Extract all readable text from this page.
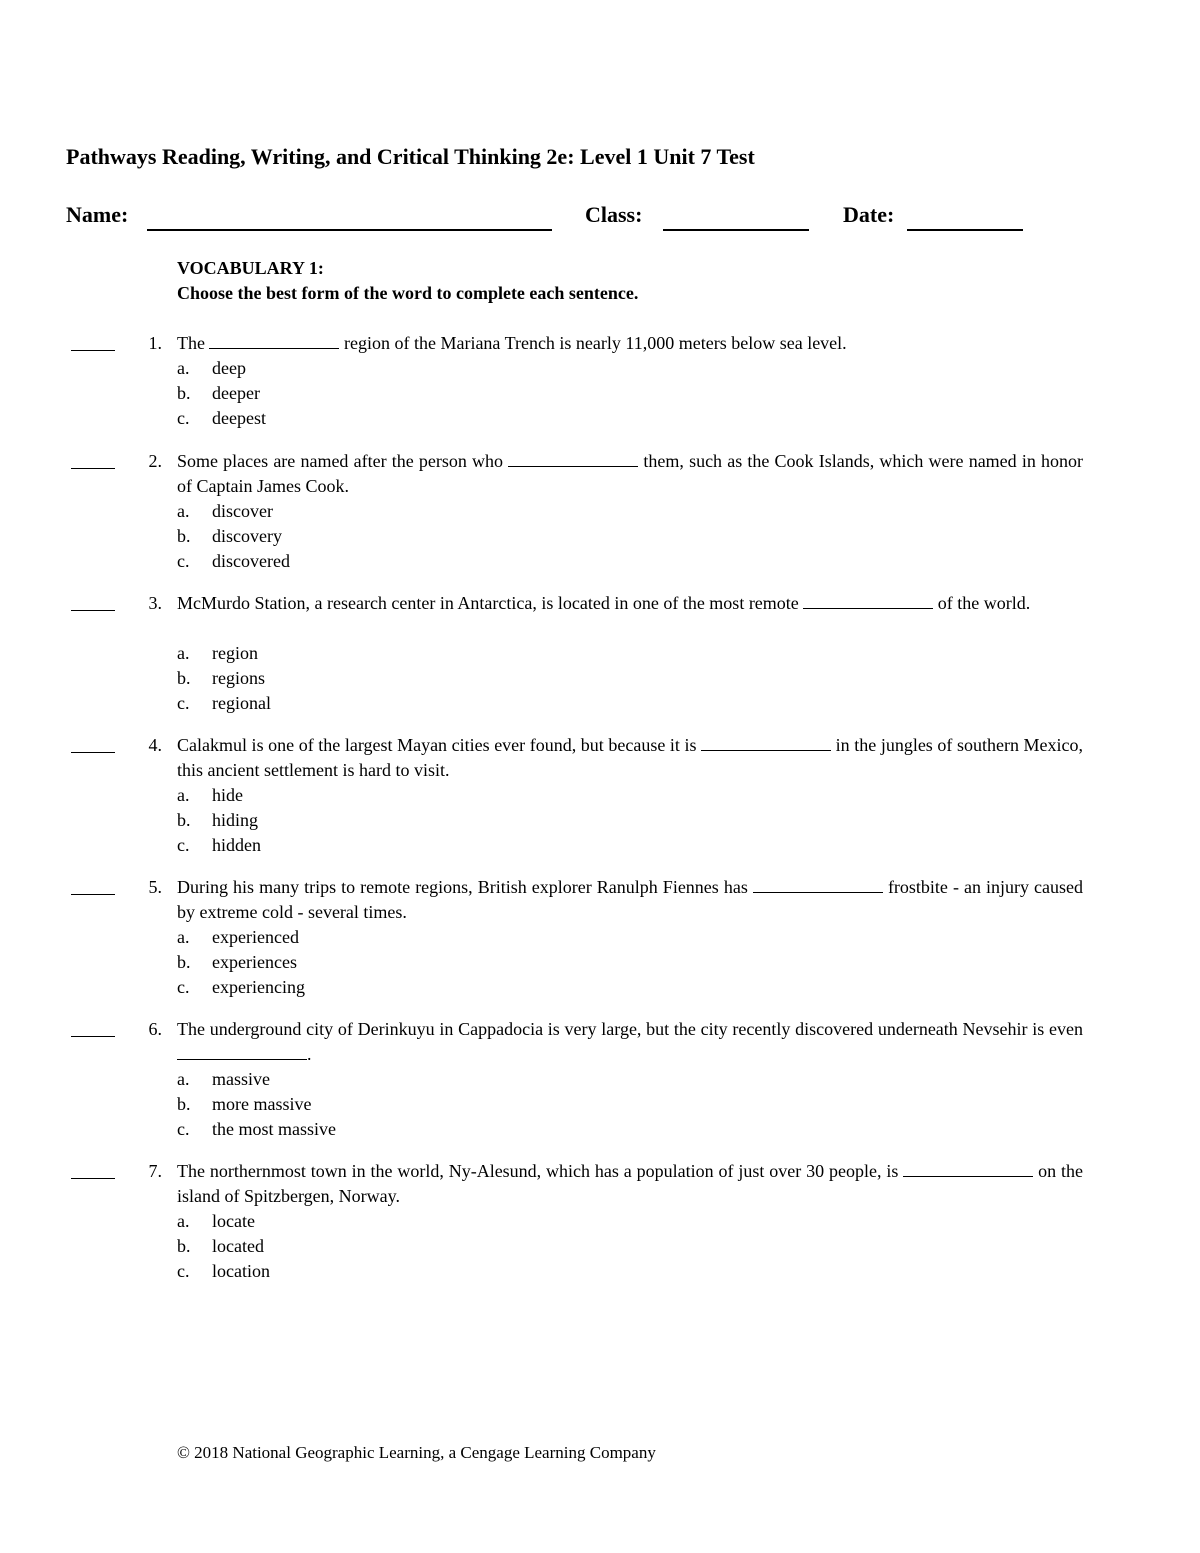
Pathways Reading, Writing, and Critical Thinking 2e: Level 1 Unit 7 Test
Name:	Class:	Date:
VOCABULARY 1:
Choose the best form of the word to complete each sentence.
1. The	region of the Mariana Trench is nearly 11,000 meters below sea level.
a. deep
b. deeper
c. deepest
2. Some places are named after the person who	them, such as the Cook Islands, which were named in honor of Captain James Cook.
a. discover
b. discovery
c. discovered
3. McMurdo Station, a research center in Antarctica, is located in one of the most remote	of the world.
a. region
b. regions
c. regional
4. Calakmul is one of the largest Mayan cities ever found, but because it is	in the jungles of southern Mexico, this ancient settlement is hard to visit.
a. hide
b. hiding
c. hidden
5. During his many trips to remote regions, British explorer Ranulph Fiennes has	frostbite - an injury caused by extreme cold - several times.
a. experienced
b. experiences
c. experiencing
6. The underground city of Derinkuyu in Cappadocia is very large, but the city recently discovered underneath Nevsehir is even .
a. massive
b. more massive
c. the most massive
7. The northernmost town in the world, Ny-Alesund, which has a population of just over 30 people, is	on the island of Spitzbergen, Norway.
a. locate
b. located
c. location
© 2018 National Geographic Learning, a Cengage Learning Company
